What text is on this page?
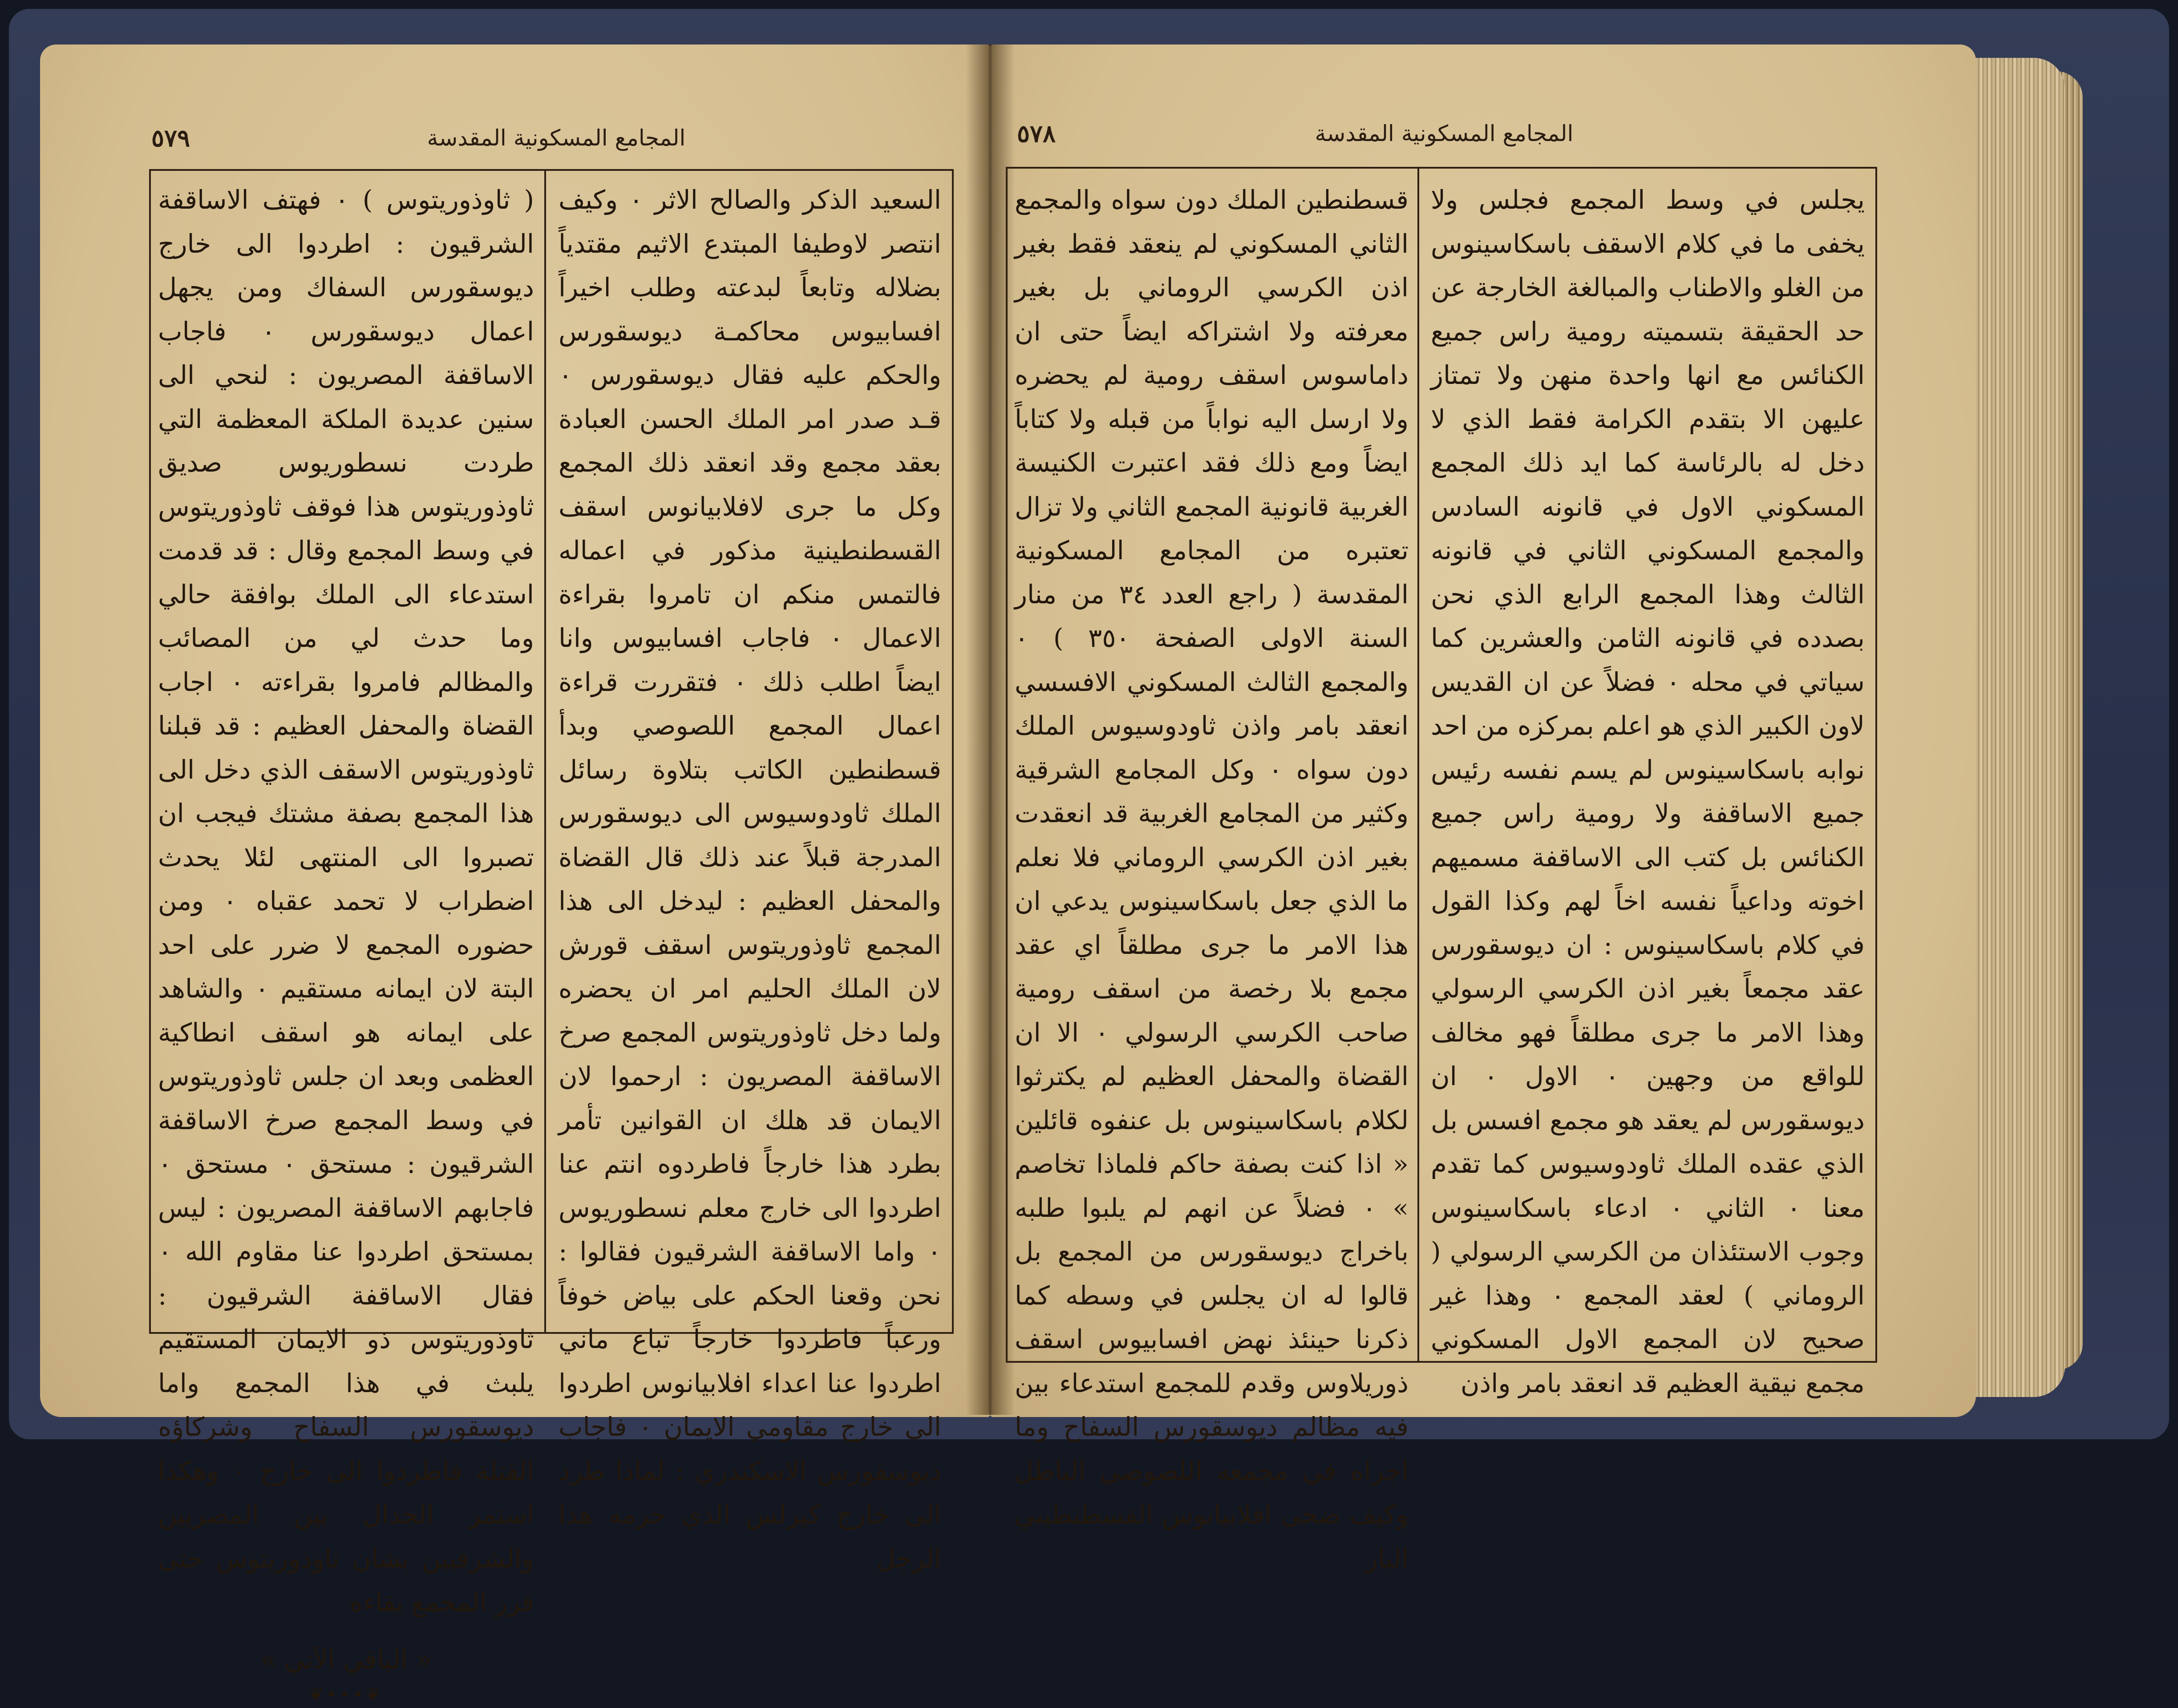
المجامع المسكونية المقدسة
٥٧٩

السعيد الذكر والصالح الاثر ٠ وكيف انتصر لاوطيفا المبتدع الاثيم مقتدياً بضلاله وتابعاً لبدعته وطلب اخيراً افسابيوس محاكمـة ديوسقورس والحكم عليه فقال ديوسقورس ٠ قـد صدر امر الملك الحسن العبادة بعقد مجمع وقد انعقد ذلك المجمع وكل ما جرى لافلابيانوس اسقف القسطنطينية مذكور في اعماله فالتمس منكم ان تامروا بقراءة الاعمال ٠ فاجاب افسابيوس وانا ايضاً اطلب ذلك ٠ فتقررت قراءة اعمال المجمع اللصوصي وبدأ قسطنطين الكاتب بتلاوة رسائل الملك ثاودوسيوس الى ديوسقورس المدرجة قبلاً عند ذلك قال القضاة والمحفل العظيم : ليدخل الى هذا المجمع ثاوذوريتوس اسقف قورش لان الملك الحليم امر ان يحضره ولما دخل ثاوذوريتوس المجمع صرخ الاساقفة المصريون : ارحموا لان الايمان قد هلك ان القوانين تأمر بطرد هذا خارجاً فاطردوه انتم عنا اطردوا الى خارج معلم نسطوريوس ٠ واما الاساقفة الشرقيون فقالوا : نحن وقعنا الحكم على بياض خوفاً ورعباً فاطردوا خارجاً تباع ماني اطردوا عنا اعداء افلابيانوس اطردوا الى خارج مقاومي الايمان ٠ فاجاب ديوسقورس الاسكندري : لماذا طرد الى خارج كيرلس الذي حرمه هذا الرجل

( ثاوذوريتوس ) ٠ فهتف الاساقفة الشرقيون : اطردوا الى خارج ديوسقورس السفاك ومن يجهل اعمال ديوسقورس ٠ فاجاب الاساقفة المصريون : لنحي الى سنين عديدة الملكة المعظمة التي طردت نسطوريوس صديق ثاوذوريتوس هذا فوقف ثاوذوريتوس في وسط المجمع وقال : قد قدمت استدعاء الى الملك بوافقة حالي وما حدث لي من المصائب والمظالم فامروا بقراءته ٠ اجاب القضاة والمحفل العظيم : قد قبلنا ثاوذوريتوس الاسقف الذي دخل الى هذا المجمع بصفة مشتك فيجب ان تصبروا الى المنتهى لئلا يحدث اضطراب لا تحمد عقباه ٠ ومن حضوره المجمع لا ضرر على احد البتة لان ايمانه مستقيم ٠ والشاهد على ايمانه هو اسقف انطاكية العظمى وبعد ان جلس ثاوذوريتوس في وسط المجمع صرخ الاساقفة الشرقيون : مستحق ٠ مستحق ٠ فاجابهم الاساقفة المصريون : ليس بمستحق اطردوا عنا مقاوم الله ٠ فقال الاساقفة الشرقيون : ثاوذوريتوس ذو الايمان المستقيم يلبث في هذا المجمع واما ديوسقورس السفاح وشركاؤه القتلة فاطردوا الى خارج ٠ وهكذا استمر الجدال بين المصريين والشرقيين بشان ثاوذوريتوس حتى قرر المجمع بقاءه

« الباقي الآتي »

❦•••❦
المجامع المسكونية المقدسة
٥٧٨

يجلس في وسط المجمع فجلس ولا يخفى ما في كلام الاسقف باسكاسينوس من الغلو والاطناب والمبالغة الخارجة عن حد الحقيقة بتسميته رومية راس جميع الكنائس مع انها واحدة منهن ولا تمتاز عليهن الا بتقدم الكرامة فقط الذي لا دخل له بالرئاسة كما ايد ذلك المجمع المسكوني الاول في قانونه السادس والمجمع المسكوني الثاني في قانونه الثالث وهذا المجمع الرابع الذي نحن بصدده في قانونه الثامن والعشرين كما سياتي في محله ٠ فضلاً عن ان القديس لاون الكبير الذي هو اعلم بمركزه من احد نوابه باسكاسينوس لم يسم نفسه رئيس جميع الاساقفة ولا رومية راس جميع الكنائس بل كتب الى الاساقفة مسميهم اخوته وداعياً نفسه اخاً لهم وكذا القول في كلام باسكاسينوس : ان ديوسقورس عقد مجمعاً بغير اذن الكرسي الرسولي وهذا الامر ما جرى مطلقاً فهو مخالف للواقع من وجهين ٠ الاول ٠ ان ديوسقورس لم يعقد هو مجمع افسس بل الذي عقده الملك ثاودوسيوس كما تقدم معنا ٠ الثاني ٠ ادعاء باسكاسينوس وجوب الاستئذان من الكرسي الرسولي ( الروماني ) لعقد المجمع ٠ وهذا غير صحيح لان المجمع الاول المسكوني مجمع نيقية العظيم قد انعقد بامر واذن

قسطنطين الملك دون سواه والمجمع الثاني المسكوني لم ينعقد فقط بغير اذن الكرسي الروماني بل بغير معرفته ولا اشتراكه ايضاً حتى ان داماسوس اسقف رومية لم يحضره ولا ارسل اليه نواباً من قبله ولا كتاباً ايضاً ومع ذلك فقد اعتبرت الكنيسة الغربية قانونية المجمع الثاني ولا تزال تعتبره من المجامع المسكونية المقدسة ( راجع العدد ٣٤ من منار السنة الاولى الصفحة ٣٥٠ ) ٠ والمجمع الثالث المسكوني الافسسي انعقد بامر واذن ثاودوسيوس الملك دون سواه ٠ وكل المجامع الشرقية وكثير من المجامع الغربية قد انعقدت بغير اذن الكرسي الروماني فلا نعلم ما الذي جعل باسكاسينوس يدعي ان هذا الامر ما جرى مطلقاً اي عقد مجمع بلا رخصة من اسقف رومية صاحب الكرسي الرسولي ٠ الا ان القضاة والمحفل العظيم لم يكترثوا لكلام باسكاسينوس بل عنفوه قائلين « اذا كنت بصفة حاكم فلماذا تخاصم » ٠ فضلاً عن انهم لم يلبوا طلبه باخراج ديوسقورس من المجمع بل قالوا له ان يجلس في وسطه كما ذكرنا حينئذ نهض افسابيوس اسقف ذوريلاوس وقدم للمجمع استدعاء بين فيه مظالم ديوسقورس السفاح وما اجراه في مجمعه اللصوصي الباطل وكيف ضحى افلابيانوس القسطنطيني البار
